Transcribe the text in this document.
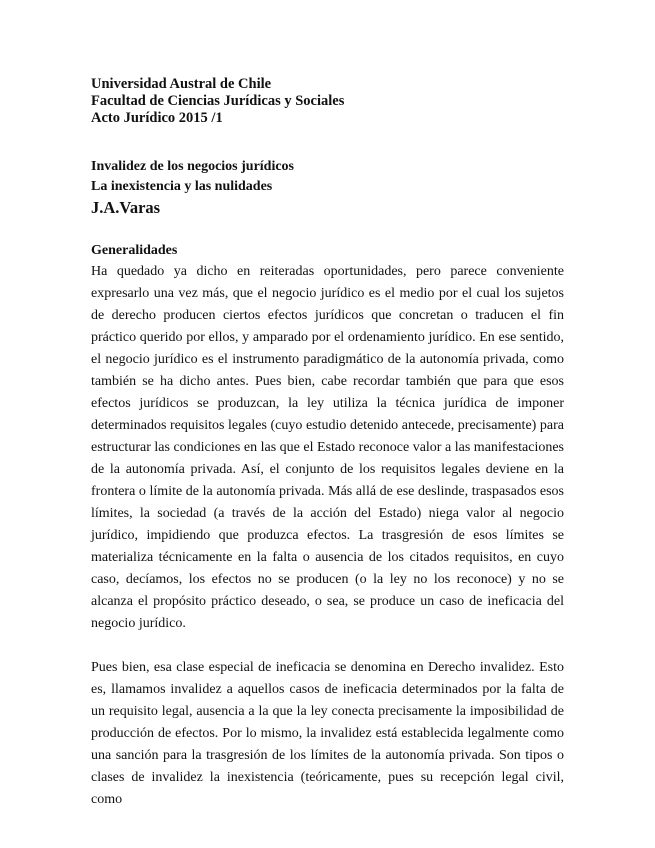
Universidad Austral de Chile

Facultad de Ciencias Jurídicas y Sociales

Acto Jurídico 2015 /1

Invalidez de los negocios jurídicos

La inexistencia y las nulidades

J.A.Varas

Generalidades

Ha quedado ya dicho en reiteradas oportunidades, pero parece conveniente expresarlo una vez más, que el negocio jurídico es el medio por el cual los sujetos de derecho producen ciertos efectos jurídicos que concretan o traducen el fin práctico querido por ellos, y amparado por el ordenamiento jurídico. En ese sentido, el negocio jurídico es el instrumento paradigmático de la autonomía privada, como también se ha dicho antes. Pues bien, cabe recordar también que para que esos efectos jurídicos se produzcan, la ley utiliza la técnica jurídica de imponer determinados requisitos legales (cuyo estudio detenido antecede, precisamente) para estructurar las condiciones en las que el Estado reconoce valor a las manifestaciones de la autonomía privada. Así, el conjunto de los requisitos legales deviene en la frontera o límite de la autonomía privada. Más allá de ese deslinde, traspasados esos límites, la sociedad (a través de la acción del Estado) niega valor al negocio jurídico, impidiendo que produzca efectos. La trasgresión de esos límites se materializa técnicamente en la falta o ausencia de los citados requisitos, en cuyo caso, decíamos, los efectos no se producen (o la ley no los reconoce) y no se alcanza el propósito práctico deseado, o sea, se produce un caso de ineficacia del negocio jurídico.

Pues bien, esa clase especial de ineficacia se denomina en Derecho invalidez. Esto es, llamamos invalidez a aquellos casos de ineficacia determinados por la falta de un requisito legal, ausencia a la que la ley conecta precisamente la imposibilidad de producción de efectos. Por lo mismo, la invalidez está establecida legalmente como una sanción para la trasgresión de los límites de la autonomía privada. Son tipos o clases de invalidez la inexistencia (teóricamente, pues su recepción legal civil, como
